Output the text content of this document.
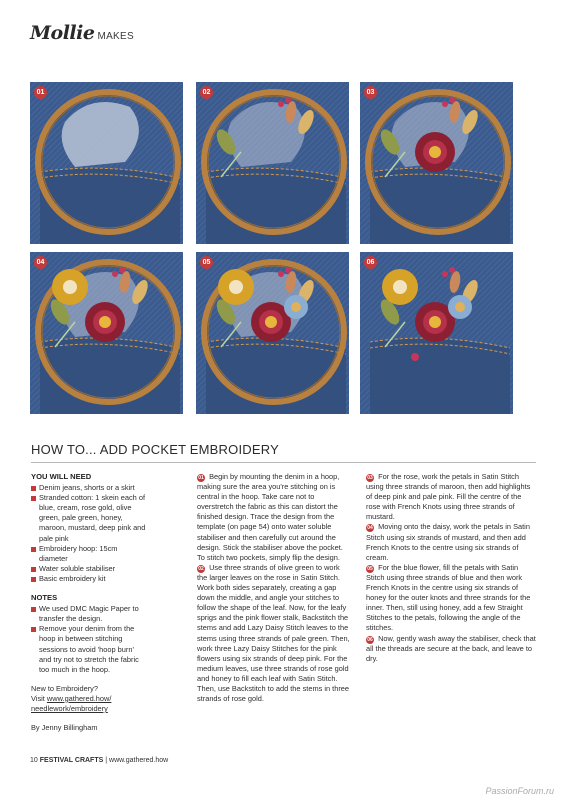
Mollie MAKES
01	02	03
04	05	06
HOW TO... ADD POCKET EMBROIDERY
YOU WILL NEED
Denim jeans, shorts or a skirt
Stranded cotton: 1 skein each of blue, cream, rose gold, olive green, pale green, honey, maroon, mustard, deep pink and pale pink
Embroidery hoop: 15cm diameter
Water soluble stabiliser
Basic embroidery kit
NOTES
We used DMC Magic Paper to transfer the design.
Remove your denim from the hoop in between stitching sessions to avoid 'hoop burn' and try not to stretch the fabric too much in the hoop.
New to Embroidery?
Visit www.gathered.how/
needlework/embroidery
By Jenny Billingham
01 Begin by mounting the denim in a hoop, making sure the area you're stitching on is central in the hoop. Take care not to overstretch the fabric as this can distort the finished design. Trace the design from the template (on page 54) onto water soluble stabiliser and then carefully cut around the design. Stick the stabiliser above the pocket. To stitch two pockets, simply flip the design.
02 Use three strands of olive green to work the larger leaves on the rose in Satin Stitch. Work both sides separately, creating a gap down the middle, and angle your stitches to follow the shape of the leaf. Now, for the leafy sprigs and the pink flower stalk, Backstitch the stems and add Lazy Daisy Stitch leaves to the stems using three strands of pale green. Then, work three Lazy Daisy Stitches for the pink flowers using six strands of deep pink. For the medium leaves, use three strands of rose gold and honey to fill each leaf with Satin Stitch. Then, use Backstitch to add the stems in three strands of rose gold.
03 For the rose, work the petals in Satin Stitch using three strands of maroon, then add highlights of deep pink and pale pink. Fill the centre of the rose with French Knots using three strands of mustard.
04 Moving onto the daisy, work the petals in Satin Stitch using six strands of mustard, and then add French Knots to the centre using six strands of cream.
05 For the blue flower, fill the petals with Satin Stitch using three strands of blue and then work French Knots in the centre using six strands of honey for the outer knots and three strands for the inner. Then, still using honey, add a few Straight Stitches to the petals, following the angle of the stitches.
06 Now, gently wash away the stabiliser, check that all the threads are secure at the back, and leave to dry.
10 FESTIVAL CRAFTS | www.gathered.how
PassionForum.ru
